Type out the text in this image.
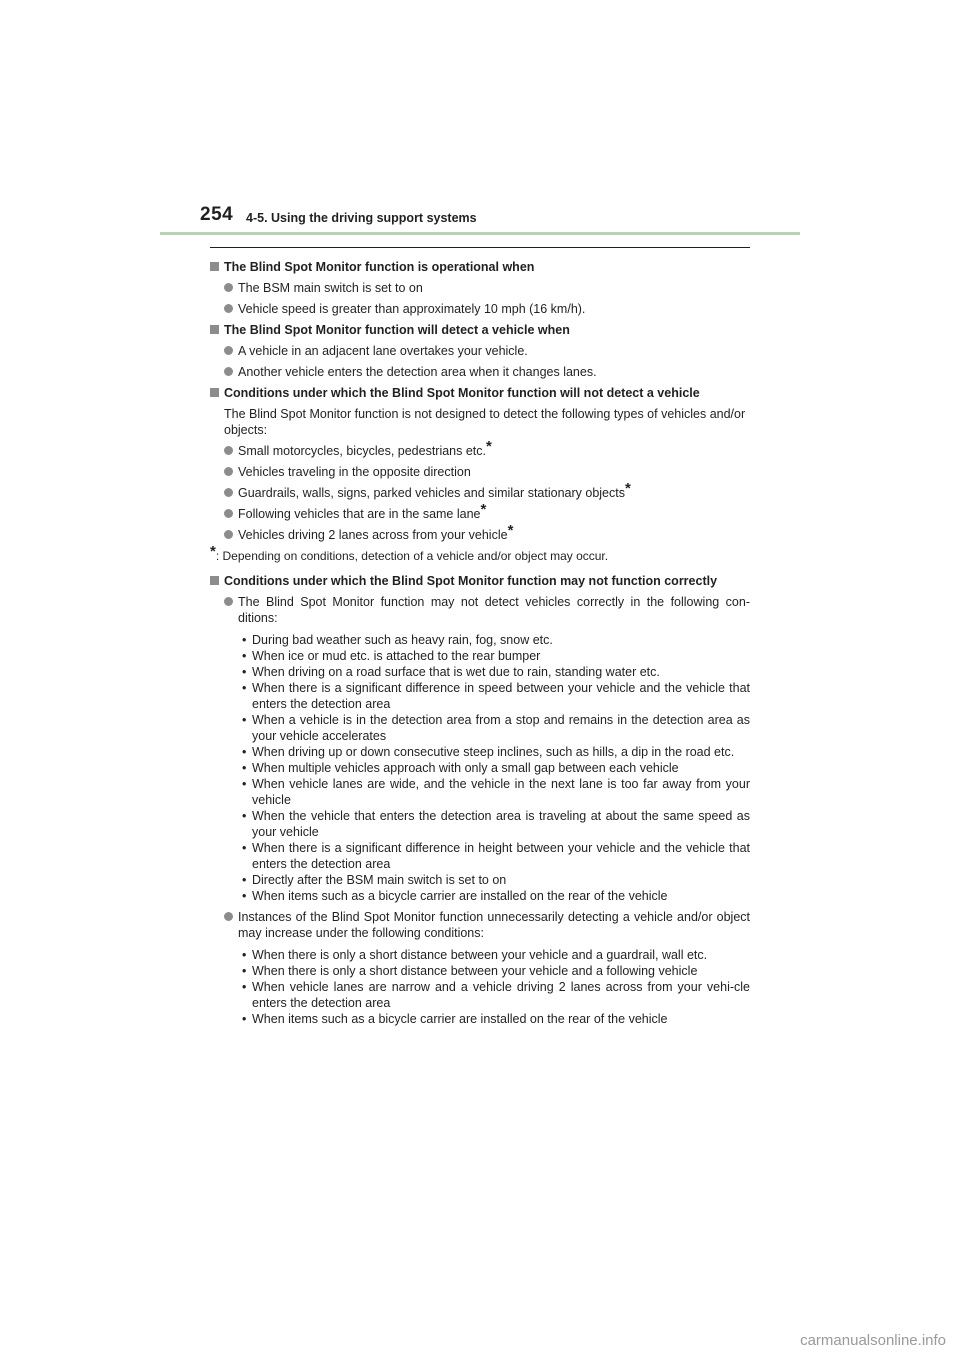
254 4-5. Using the driving support systems
The Blind Spot Monitor function is operational when
The BSM main switch is set to on
Vehicle speed is greater than approximately 10 mph (16 km/h).
The Blind Spot Monitor function will detect a vehicle when
A vehicle in an adjacent lane overtakes your vehicle.
Another vehicle enters the detection area when it changes lanes.
Conditions under which the Blind Spot Monitor function will not detect a vehicle
The Blind Spot Monitor function is not designed to detect the following types of vehicles and/or objects:
Small motorcycles, bicycles, pedestrians etc.*
Vehicles traveling in the opposite direction
Guardrails, walls, signs, parked vehicles and similar stationary objects*
Following vehicles that are in the same lane*
Vehicles driving 2 lanes across from your vehicle*
*: Depending on conditions, detection of a vehicle and/or object may occur.
Conditions under which the Blind Spot Monitor function may not function correctly
The Blind Spot Monitor function may not detect vehicles correctly in the following con-ditions:
• During bad weather such as heavy rain, fog, snow etc.
• When ice or mud etc. is attached to the rear bumper
• When driving on a road surface that is wet due to rain, standing water etc.
• When there is a significant difference in speed between your vehicle and the vehicle that enters the detection area
• When a vehicle is in the detection area from a stop and remains in the detection area as your vehicle accelerates
• When driving up or down consecutive steep inclines, such as hills, a dip in the road etc.
• When multiple vehicles approach with only a small gap between each vehicle
• When vehicle lanes are wide, and the vehicle in the next lane is too far away from your vehicle
• When the vehicle that enters the detection area is traveling at about the same speed as your vehicle
• When there is a significant difference in height between your vehicle and the vehicle that enters the detection area
• Directly after the BSM main switch is set to on
• When items such as a bicycle carrier are installed on the rear of the vehicle
Instances of the Blind Spot Monitor function unnecessarily detecting a vehicle and/or object may increase under the following conditions:
• When there is only a short distance between your vehicle and a guardrail, wall etc.
• When there is only a short distance between your vehicle and a following vehicle
• When vehicle lanes are narrow and a vehicle driving 2 lanes across from your vehi-cle enters the detection area
• When items such as a bicycle carrier are installed on the rear of the vehicle
carmanualsonline.info
